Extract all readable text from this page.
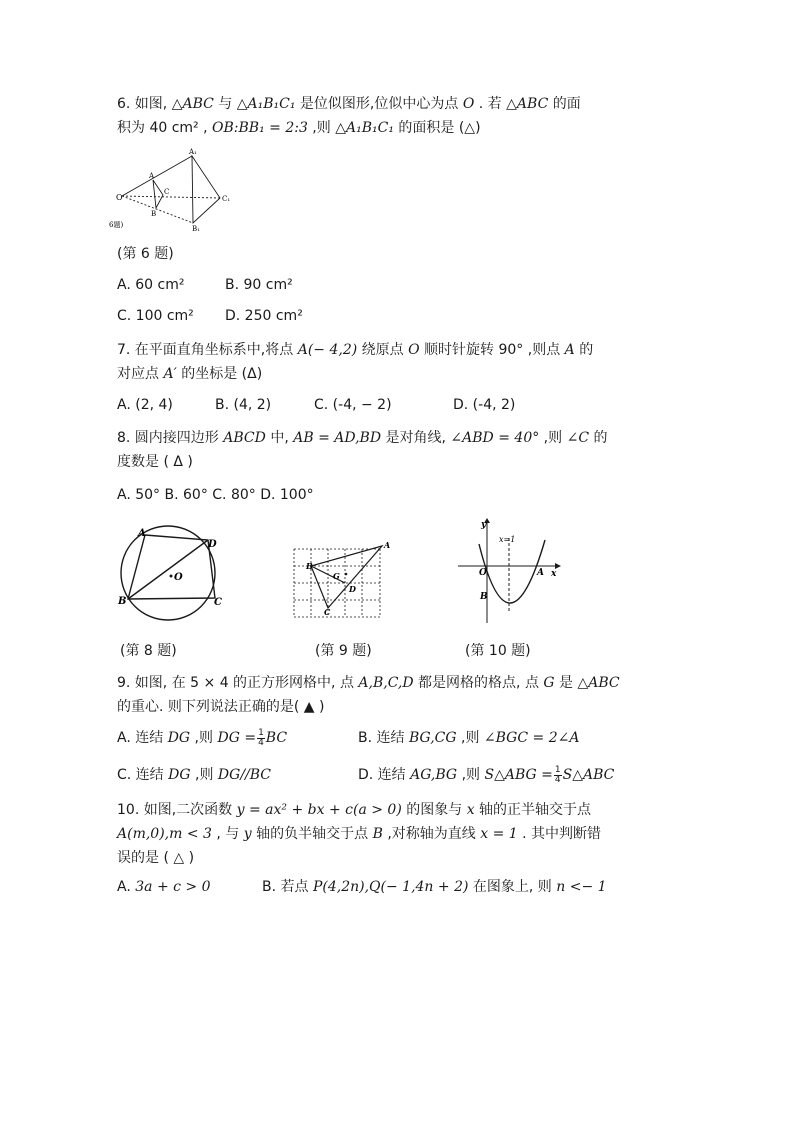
6. 如图, △ABC 与 △A₁B₁C₁ 是位似图形,位似中心为点 O . 若 △ABC 的面
积为 40 cm² , OB:BB₁ = 2:3 ,则 △A₁B₁C₁ 的面积是 (△)
O
A
A₁
B
B₁
C
C₁
6题)
(第 6 题)
A. 60 cm²	B. 90 cm²
C. 100 cm² D. 250 cm²
7. 在平面直角坐标系中,将点 A(− 4,2) 绕原点 O 顺时针旋转 90° ,则点 A 的
对应点 A′ 的坐标是 (Δ)
A. (2, 4)	B. (4, 2)	C. (-4, − 2)	D. (-4, 2)
8. 圆内接四边形 ABCD 中, AB = AD,BD 是对角线, ∠ABD = 40° ,则 ∠C 的
度数是 ( Δ )
A. 50° B. 60° C. 80° D. 100°
A
D
O
B	C
A
B
G
D
C
y
x=1
O	A x
B
(第 8 题)	(第 9 题)	(第 10 题)
9. 如图, 在 5 × 4 的正方形网格中, 点 A,B,C,D 都是网格的格点, 点 G 是 △ABC
的重心. 则下列说法正确的是( ▲ )
A. 连结 DG ,则 DG = $\frac{1}{4}$ BC	B. 连结 BG,CG ,则 ∠BGC = 2∠A
C. 连结 DG ,则 DG//BC	D. 连结 AG,BG ,则 S△ABG = $\frac{1}{4}$ S△ABC
10. 如图,二次函数 y = ax² + bx + c(a > 0) 的图象与 x 轴的正半轴交于点
A(m,0),m < 3 , 与 y 轴的负半轴交于点 B ,对称轴为直线 x = 1 . 其中判断错
误的是 ( △ )
A. 3a + c > 0	B. 若点 P(4,2n),Q(− 1,4n + 2) 在图象上, 则 n <− 1
